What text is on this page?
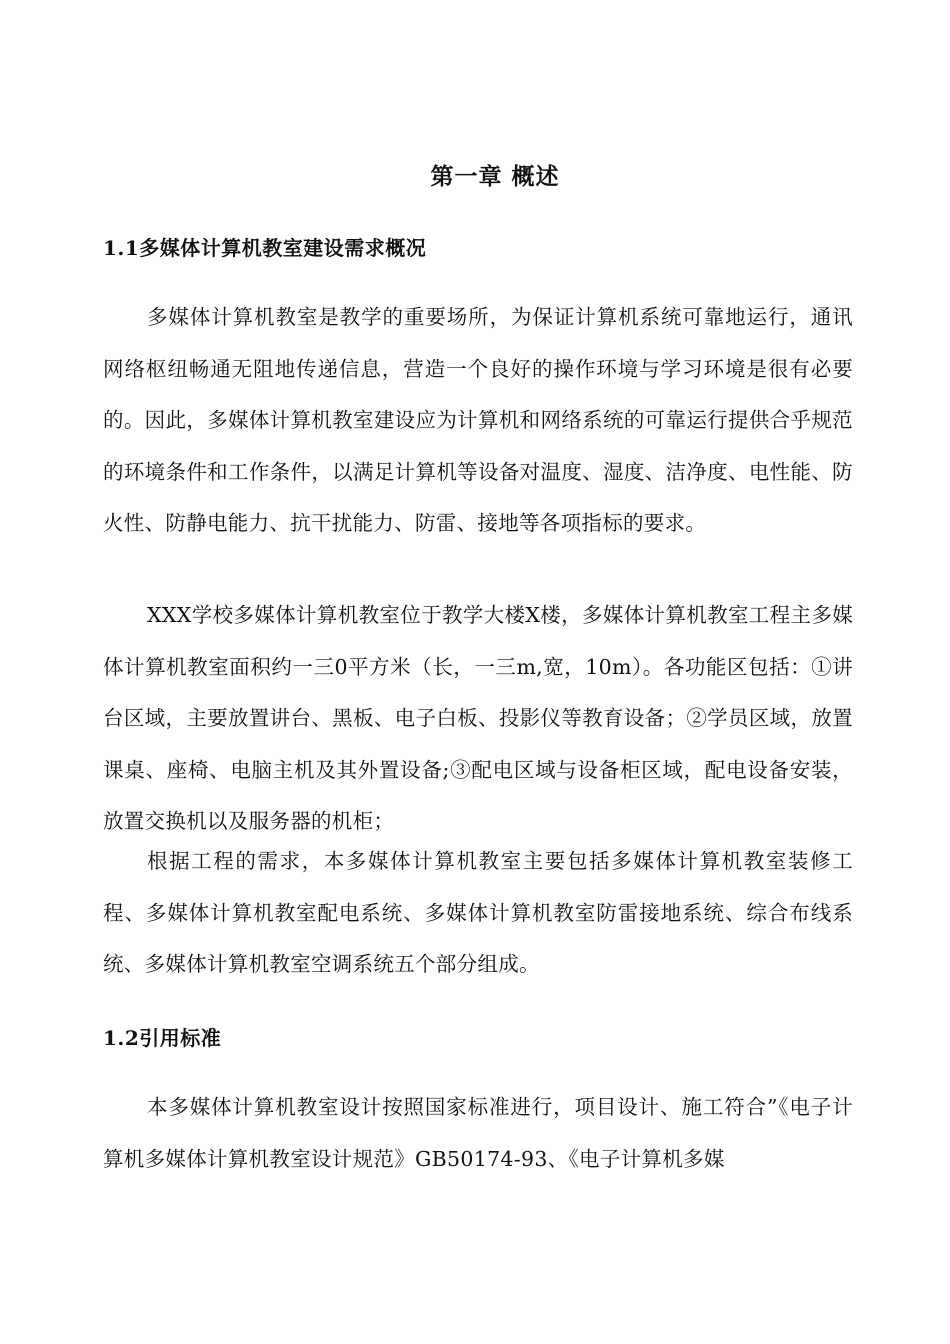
第一章 概述
1.1多媒体计算机教室建设需求概况

多媒体计算机教室是教学的重要场所，为保证计算机系统可靠地运行，通讯网络枢纽畅通无阻地传递信息，营造一个良好的操作环境与学习环境是很有必要的。因此，多媒体计算机教室建设应为计算机和网络系统的可靠运行提供合乎规范的环境条件和工作条件，以满足计算机等设备对温度、湿度、洁净度、电性能、防火性、防静电能力、抗干扰能力、防雷、接地等各项指标的要求。

XXX学校多媒体计算机教室位于教学大楼X楼，多媒体计算机教室工程主多媒体计算机教室面积约一三0平方米（长，一三m,宽，10m）。各功能区包括：①讲台区域，主要放置讲台、黑板、电子白板、投影仪等教育设备；②学员区域，放置课桌、座椅、电脑主机及其外置设备;③配电区域与设备柜区域，配电设备安装，放置交换机以及服务器的机柜；

根据工程的需求，本多媒体计算机教室主要包括多媒体计算机教室装修工程、多媒体计算机教室配电系统、多媒体计算机教室防雷接地系统、综合布线系统、多媒体计算机教室空调系统五个部分组成。

1.2引用标准

本多媒体计算机教室设计按照国家标准进行，项目设计、施工符合”《电子计算机多媒体计算机教室设计规范》GB50174-93、《电子计算机多媒
